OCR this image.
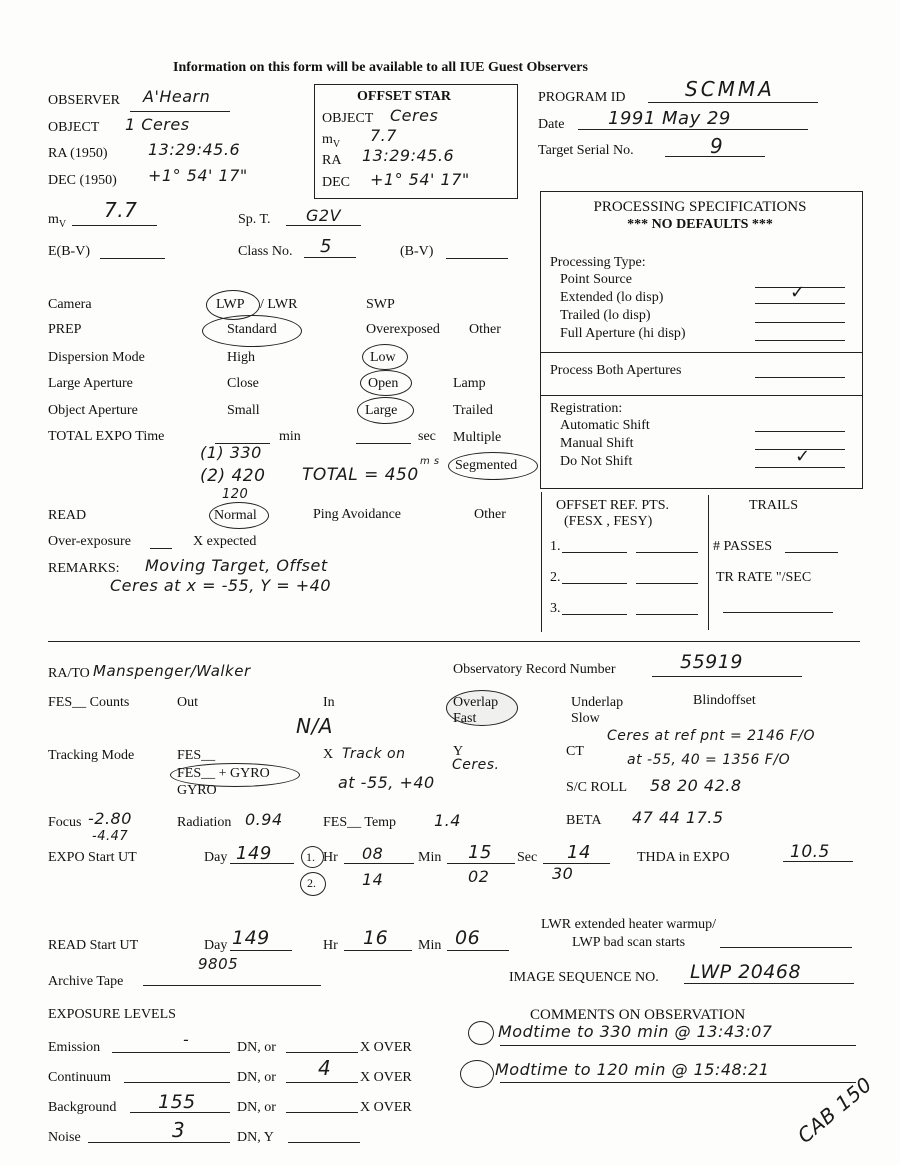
Information on this form will be available to all IUE Guest Observers
OBSERVER A'Hearn
OBJECT 1 Ceres
RA (1950)	13:29:45.6
DEC (1950) +1° 54' 17"
OFFSET STAR
OBJECT Ceres
$m_V$ 7.7
RA 13:29:45.6
DEC +1° 54' 17"
PROGRAM ID	SCMMA
Date 1991 May 29
Target Serial No.	9
$m_V$
7.7	Sp. T. G2V
E(B-V)	Class No. 5	(B-V)
PROCESSING SPECIFICATIONS
*** NO DEFAULTS ***
Processing Type:
Point Source
Extended (lo disp)	✓
Trailed (lo disp)
Full Aperture (hi disp)
Process Both Apertures
Registration:
Automatic Shift
Manual Shift
Do Not Shift	✓
Camera	LWP / LWR	SWP
PREP	Standard	Overexposed Other
Dispersion Mode	High	Low
Large Aperture	Close	Open	Lamp
Object Aperture	Small	Large	Trailed
TOTAL EXPO Time	min	sec Multiple
Segmented
(1) 330
(2) 420
120
TOTAL = 450
m s
READ	Normal	Ping Avoidance	Other
Over-exposure	X expected
REMARKS: Moving Target, Offset
Ceres at x = -55, Y = +40
OFFSET REF. PTS.
(FESX , FESY)
1.
2.
3.
TRAILS
# PASSES
TR RATE "/SEC
RA/TO Manspenger/Walker	Observatory Record Number	55919
FES__ Counts	Out	In
N/A
Overlap
Fast
Underlap
Slow
Blindoffset
Tracking Mode	FES__
FES__ + GYRO
GYRO
X Track on	Y
Ceres.
at -55, +40
CT
Ceres at ref pnt = 2146 F/O
at -55, 40 = 1356 F/O
S/C ROLL 58 20 42.8
Focus -2.80
-4.47
Radiation 0.94	FES__ Temp 1.4	BETA 47 44 17.5
EXPO Start UT	Day 149	1. Hr 08 Min 15 Sec 14
2.	14	02	30
THDA in EXPO	10.5
READ Start UT	Day 149	Hr 16 Min 06
LWR extended heater warmup/
LWP bad scan starts
Archive Tape
9805
IMAGE SEQUENCE NO. LWP 20468
EXPOSURE LEVELS
Emission	-	DN, or	X OVER
Continuum	DN, or 4 X OVER
Background 155	DN, or	X OVER
Noise	3	DN, Y
COMMENTS ON OBSERVATION
Modtime to 330 min @ 13:43:07
Modtime to 120 min @ 15:48:21
CAB 150
